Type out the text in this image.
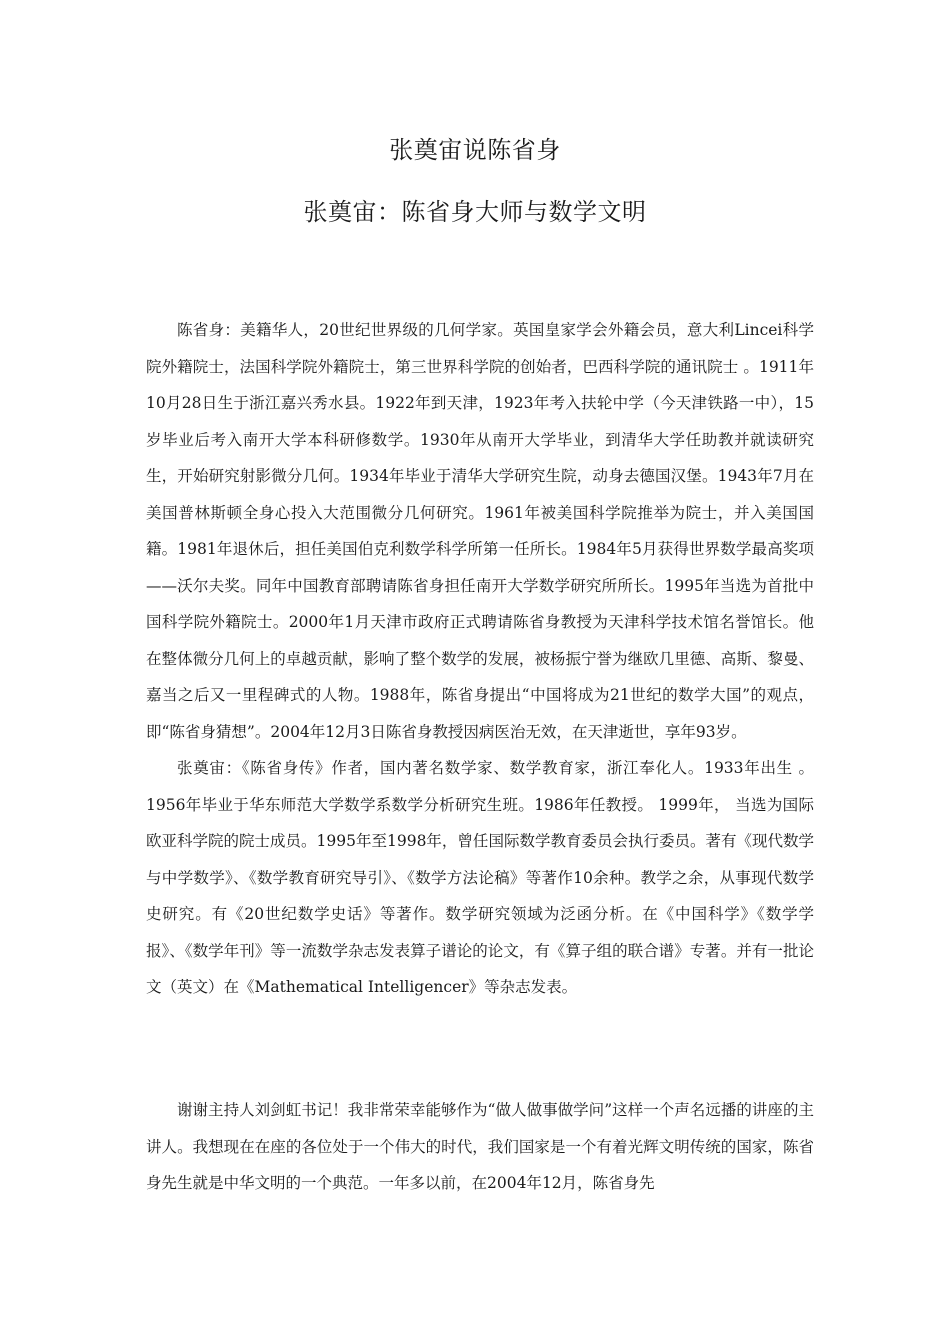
张奠宙说陈省身
张奠宙：陈省身大师与数学文明

陈省身：美籍华人，20世纪世界级的几何学家。英国皇家学会外籍会员，意大利Lincei科学院外籍院士，法国科学院外籍院士，第三世界科学院的创始者，巴西科学院的通讯院士 。1911年10月28日生于浙江嘉兴秀水县。1922年到天津，1923年考入扶轮中学（今天津铁路一中），15岁毕业后考入南开大学本科研修数学。1930年从南开大学毕业，到清华大学任助教并就读研究生，开始研究射影微分几何。1934年毕业于清华大学研究生院，动身去德国汉堡。1943年7月在美国普林斯顿全身心投入大范围微分几何研究。1961年被美国科学院推举为院士，并入美国国籍。1981年退休后，担任美国伯克利数学科学所第一任所长。1984年5月获得世界数学最高奖项——沃尔夫奖。同年中国教育部聘请陈省身担任南开大学数学研究所所长。1995年当选为首批中国科学院外籍院士。2000年1月天津市政府正式聘请陈省身教授为天津科学技术馆名誉馆长。他在整体微分几何上的卓越贡献，影响了整个数学的发展，被杨振宁誉为继欧几里德、高斯、黎曼、嘉当之后又一里程碑式的人物。1988年，陈省身提出“中国将成为21世纪的数学大国”的观点，即“陈省身猜想”。2004年12月3日陈省身教授因病医治无效，在天津逝世，享年93岁。

张奠宙：《陈省身传》作者，国内著名数学家、数学教育家，浙江奉化人。1933年出生 。1956年毕业于华东师范大学数学系数学分析研究生班。1986年任教授。 1999年， 当选为国际欧亚科学院的院士成员。1995年至1998年，曾任国际数学教育委员会执行委员。著有《现代数学与中学数学》、《数学教育研究导引》、《数学方法论稿》等著作10余种。教学之余，从事现代数学史研究。有《20世纪数学史话》等著作。数学研究领域为泛函分析。在《中国科学》《数学学报》、《数学年刊》等一流数学杂志发表算子谱论的论文，有《算子组的联合谱》专著。并有一批论文（英文）在《Mathematical Intelligencer》等杂志发表。

谢谢主持人刘剑虹书记！我非常荣幸能够作为“做人做事做学问”这样一个声名远播的讲座的主讲人。我想现在在座的各位处于一个伟大的时代，我们国家是一个有着光辉文明传统的国家，陈省身先生就是中华文明的一个典范。一年多以前，在2004年12月，陈省身先
